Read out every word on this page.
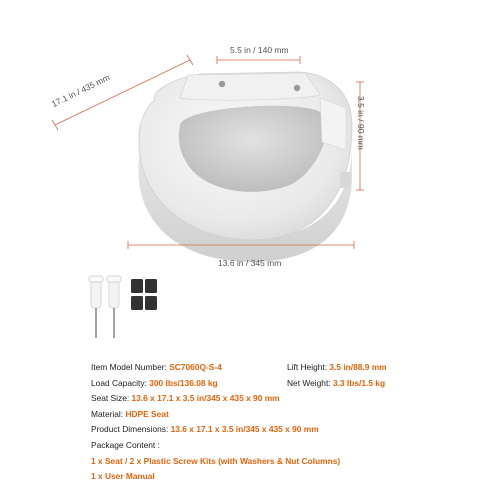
17.1 in / 435 mm
5.5 in / 140 mm
3.5 in / 90 mm
13.6 in / 345 mm
Item Model Number: SC7060Q-S-4	Lift Height: 3.5 in/88.9 mm
Load Capacity: 300 lbs/136.08 kg	Net Weight: 3.3 lbs/1.5 kg
Seat Size: 13.6 x 17.1 x 3.5 in/345 x 435 x 90 mm
Material: HDPE Seat
Product Dimensions: 13.6 x 17.1 x 3.5 in/345 x 435 x 90 mm
Package Content :
1 x Seat / 2 x Plastic Screw Kits (with Washers & Nut Columns)
1 x User Manual
